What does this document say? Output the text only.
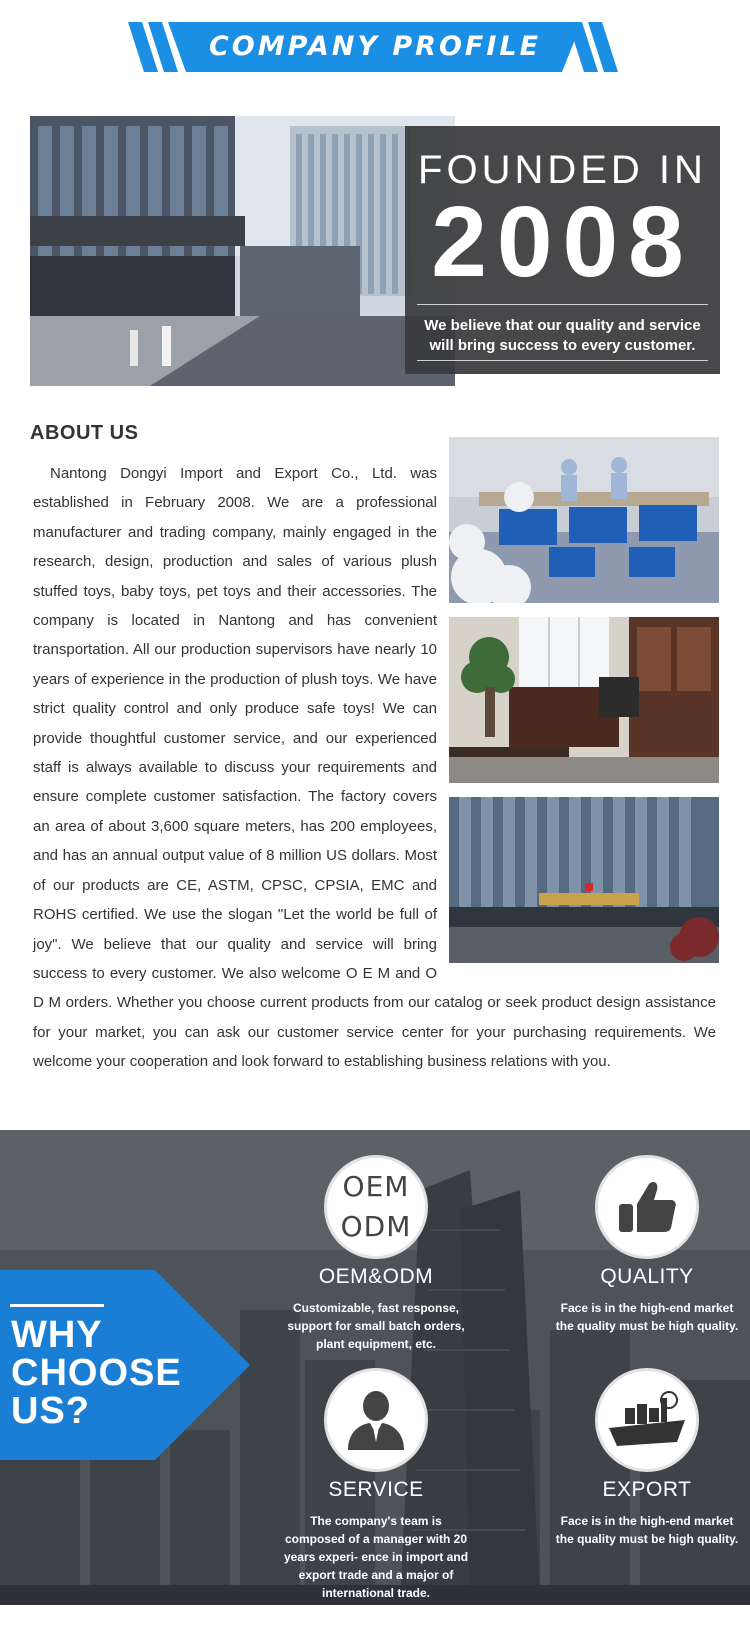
COMPANY PROFILE
FOUNDED IN
2008
We believe that our quality and service will bring success to every customer.
ABOUT US
Nantong Dongyi Import and Export Co., Ltd. was established in February 2008. We are a professional manufacturer and trading company, mainly engaged in the research, design, production and sales of various plush stuffed toys, baby toys, pet toys and their accessories. The company is located in Nantong and has convenient transportation. All our production supervisors have nearly 10 years of experience in the production of plush toys. We have strict quality control and only produce safe toys! We can provide thoughtful customer service, and our experienced staff is always available to discuss your requirements and ensure complete customer satisfaction. The factory covers an area of about 3,600 square meters, has 200 employees, and has an annual output value of 8 million US dollars. Most of our products are CE, ASTM, CPSC, CPSIA, EMC and ROHS certified. We use the slogan "Let the world be full of joy". We believe that our quality and service will bring success to every customer. We also welcome O E M and O D M orders. Whether you choose current products from our catalog or seek product design assistance for your market, you can ask our customer service center for your purchasing requirements. We welcome your cooperation and look forward to establishing business relations with you.
WHY
CHOOSE
US?
OEM
ODM
OEM&ODM
Customizable, fast response, support for small batch orders, plant equipment, etc.
QUALITY
Face is in the high-end market the quality must be high quality.
SERVICE
The company's team is composed of a manager with 20 years experi- ence in import and export trade and a major of international trade.
EXPORT
Face is in the high-end market the quality must be high quality.
